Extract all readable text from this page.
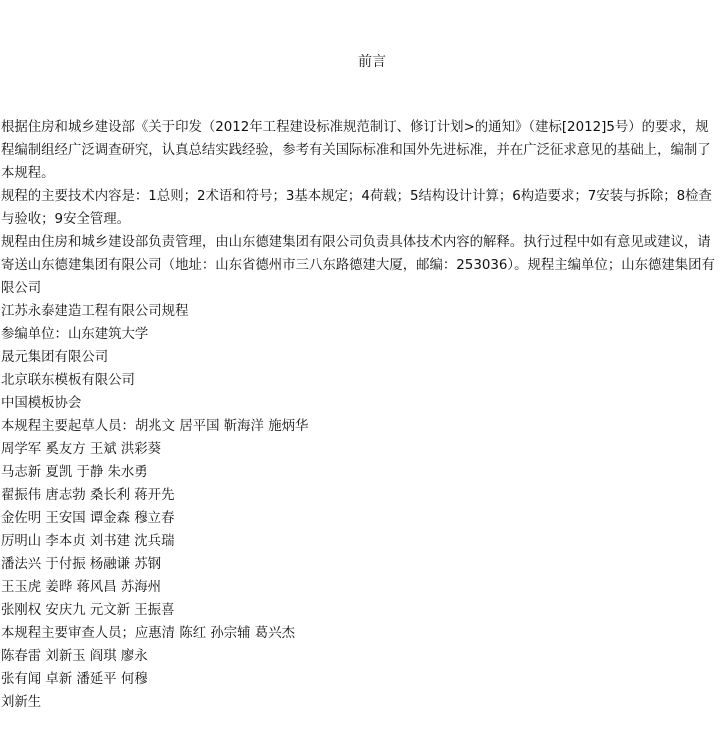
前言

根据住房和城乡建设部《关于印发（2012年工程建设标准规范制订、修订计划>的通知》（建标[2012]5号）的要求，规程编制组经广泛调查研究，认真总结实践经验，参考有关国际标准和国外先进标准，并在广泛征求意见的基础上，编制了本规程。

规程的主要技术内容是：1总则；2术语和符号；3基本规定；4荷载；5结构设计计算；6构造要求；7安装与拆除；8检查与验收；9安全管理。

规程由住房和城乡建设部负责管理，由山东德建集团有限公司负责具体技术内容的解释。执行过程中如有意见或建议，请寄送山东德建集团有限公司（地址：山东省德州市三八东路德建大厦，邮编：253036）。规程主编单位；山东德建集团有限公司

江苏永泰建造工程有限公司规程

参编单位：山东建筑大学

晟元集团有限公司

北京联东模板有限公司

中国模板协会

本规程主要起草人员：胡兆文 居平国 靳海洋 施炳华

周学军 奚友方 王斌 洪彩葵

马志新 夏凯 于静 朱水勇

翟振伟 唐志勃 桑长利 蒋开先

金佐明 王安国 谭金森 穆立春

厉明山 李本贞 刘书建 沈兵瑞

潘法兴 于付振 杨融谦 苏钢

王玉虎 姜晔 蒋风昌 苏海州

张刚权 安庆九 元文新 王振喜

本规程主要审查人员；应惠清 陈红 孙宗辅 葛兴杰

陈春雷 刘新玉 阎琪 廖永

张有闻 卓新 潘延平 何穆

刘新生
